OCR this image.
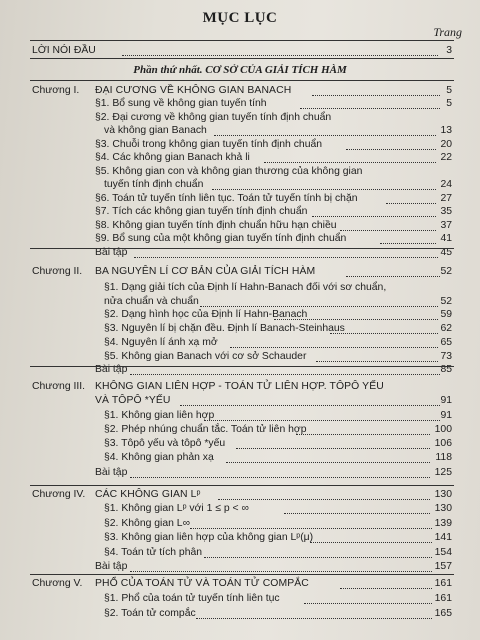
MỤC LỤC
Trang
LỜI NÓI ĐẦU	3
Phần thứ nhất. CƠ SỞ CỦA GIẢI TÍCH HÀM
Chương I. ĐẠI CƯƠNG VỀ KHÔNG GIAN BANACH	5
§1. Bổ sung về không gian tuyến tính	5
§2. Đại cương về không gian tuyến tính định chuẩn
và không gian Banach	13
§3. Chuỗi trong không gian tuyến tính định chuẩn	20
§4. Các không gian Banach khả li	22
§5. Không gian con và không gian thương của không gian
tuyến tính định chuẩn	24
§6. Toán tử tuyến tính liên tục. Toán tử tuyến tính bị chặn	27
§7. Tích các không gian tuyến tính định chuẩn	35
§8. Không gian tuyến tính định chuẩn hữu hạn chiều	37
§9. Bổ sung của một không gian tuyến tính định chuẩn	41
Bài tập	45
Chương II. BA NGUYÊN LÍ CƠ BẢN CỦA GIẢI TÍCH HÀM	52
§1. Dạng giải tích của Định lí Hahn-Banach đối với sơ chuẩn,
nửa chuẩn và chuẩn	52
§2. Dạng hình học của Định lí Hahn-Banach	59
§3. Nguyên lí bị chặn đều. Định lí Banach-Steinhaus	62
§4. Nguyên lí ánh xạ mở	65
§5. Không gian Banach với cơ sở Schauder	73
Bài tập	85
Chương III. KHÔNG GIAN LIÊN HỢP - TOÁN TỬ LIÊN HỢP. TÔPÔ YẾU
VÀ TÔPÔ *YẾU	91
§1. Không gian liên hợp	91
§2. Phép nhúng chuẩn tắc. Toán tử liên hợp	100
§3. Tôpô yếu và tôpô *yếu	106
§4. Không gian phản xạ	118
Bài tập	125
Chương IV. CÁC KHÔNG GIAN Lᵖ	130
§1. Không gian Lᵖ với 1 ≤ p < ∞	130
§2. Không gian L∞	139
§3. Không gian liên hợp của không gian Lᵖ(μ)	141
§4. Toán tử tích phân	154
Bài tập	157
Chương V. PHỔ CỦA TOÁN TỬ VÀ TOÁN TỬ COMPẮC	161
§1. Phổ của toán tử tuyến tính liên tục	161
§2. Toán tử compắc	165
